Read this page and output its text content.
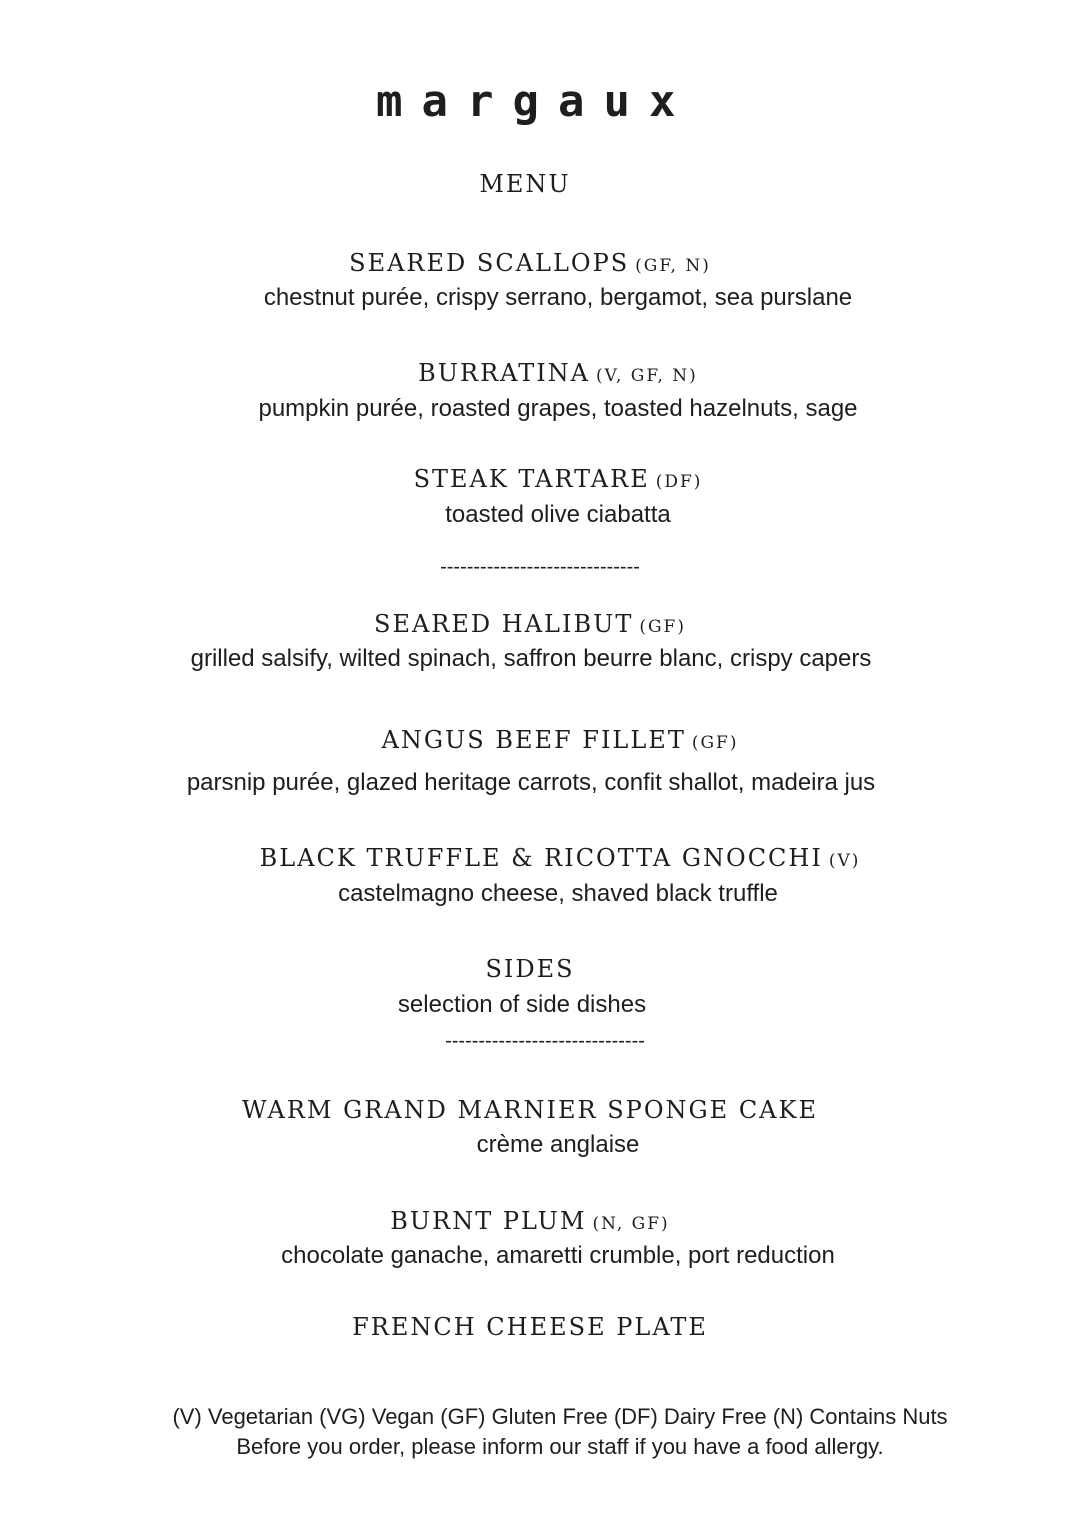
margaux
MENU
SEARED SCALLOPS (GF, N)
chestnut purée, crispy serrano, bergamot, sea purslane
BURRATINA (V, GF, N)
pumpkin purée, roasted grapes, toasted hazelnuts, sage
STEAK TARTARE (DF)
toasted olive ciabatta
------------------------------
SEARED HALIBUT (GF)
grilled salsify, wilted spinach, saffron beurre blanc, crispy capers
ANGUS BEEF FILLET (GF)
parsnip purée, glazed heritage carrots, confit shallot, madeira jus
BLACK TRUFFLE & RICOTTA GNOCCHI (V)
castelmagno cheese, shaved black truffle
SIDES
selection of side dishes
------------------------------
WARM GRAND MARNIER SPONGE CAKE
crème anglaise
BURNT PLUM (N, GF)
chocolate ganache, amaretti crumble, port reduction
FRENCH CHEESE PLATE
(V) Vegetarian (VG) Vegan (GF) Gluten Free (DF) Dairy Free (N) Contains Nuts
Before you order, please inform our staff if you have a food allergy.
